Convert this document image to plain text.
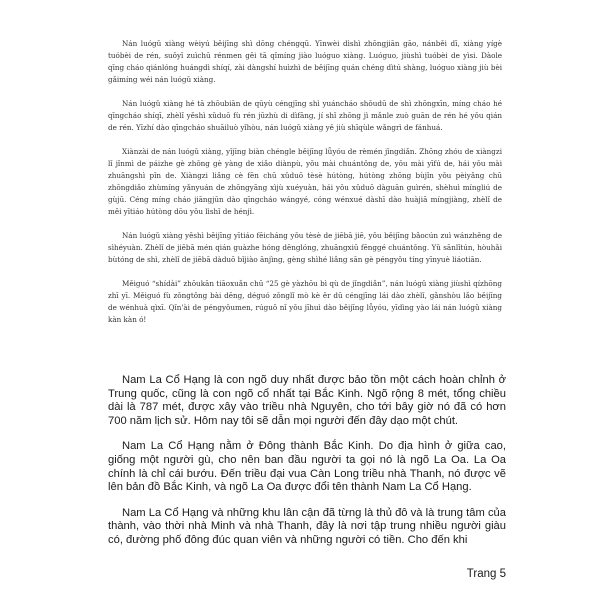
Nán luógǔ xiàng wèiyú běijīng shì dōng chéngqū. Yīnwèi dìshì zhōngjiān gāo, nánběi dī, xiàng yígè tuóbèi de rén, suǒyǐ zuìchū rénmen gěi tā qǐmíng jiào luóguo xiàng. Luóguo, jiùshì tuóbèi de yìsi. Dàole qīng cháo qiánlóng huángdì shíqí, zài dàngshí huìzhì de běijīng quán chéng dìtú shàng, luóguo xiàng jiù bèi gǎimíng wéi nán luógǔ xiàng.

Nán luógǔ xiàng hé tā zhōubiān de qūyù céngjīng shì yuáncháo shǒudū de shì zhōngxīn, míng cháo hé qīngcháo shíqī, zhèlǐ yěshì xǔduō fù rén jūzhù di dìfāng, jí shǐ zhōng jì mǎnle zuò guān de rén hé yǒu qián de rén. Yīzhí dào qīngcháo shuāiluò yǐhòu, nán luógǔ xiàng yě jiù shīqùle wǎngrì de fánhuá.

Xiànzài de nán luógǔ xiàng, yǐjīng biàn chéngle běijīng lǚyóu de rèmén jǐngdiǎn. Zhōng zhóu de xiàngzi lǐ jǐnmì de páizhe gè zhǒng gè yàng de xiǎo diànpù, yǒu mài chuántǒng de, yǒu mài yīfú de, hái yǒu mài zhuāngshì pǐn de. Xiàngzi liǎng cè fēn chū xǔduō tèsè hútòng, hútòng zhōng bùjǐn yǒu pèiyǎng chū zhōngdiǎo zhùmíng yǎnyuán de zhōngyāng xìjù xuéyuàn, hái yǒu xǔduō dàguān guìrén, shèhuì míngliú de gùjū. Céng míng cháo jiāngjūn dào qīngcháo wángyé, cóng wénxué dàshī dào huàjiā míngjiàng, zhèlǐ de měi yītiáo hútòng dōu yǒu lìshǐ de hénjì.

Nán luógǔ xiàng yěshì běijīng yītiáo fēicháng yǒu tèsè de jiēbā jiē, yǒu běijīng bǎocún zuì wánzhěng de sìhéyuàn. Zhèlǐ de jiēbā mén qián guàzhe hóng dēnglóng, zhuāngxiū fēnggé chuántǒng. Yǔ sānlǐtún, hòuhǎi bùtóng de shì, zhèlǐ de jiēbā dàduō bǐjiào ānjìng, gèng shìhé liǎng sān gè péngyǒu tíng yīnyuè liáotiān.

Měiguó “shídài” zhōukān tiāoxuǎn chū “25 gè yàzhōu bì qù de jǐngdiǎn”, nán luógǔ xiàng jiùshì qízhōng zhī yī. Měiguó fù zǒngtǒng bài dēng, déguó zǒnglǐ mò kè ěr dū céngjīng lái dào zhèlǐ, gǎnshòu lǎo běijīng de wénhuà qìxī. Qǐn'ài de péngyǒumen, rúguǒ nǐ yǒu jīhuì dào běijīng lǚyóu, yīdìng yào lái nán luógǔ xiàng kàn kàn ó!

Nam La Cổ Hạng là con ngõ duy nhất được bảo tồn một cách hoàn chỉnh ở Trung quốc, cũng là con ngõ cổ nhất tại Bắc Kinh. Ngõ rộng 8 mét, tổng chiều dài là 787 mét, được xây vào triều nhà Nguyên, cho tới bây giờ nó đã có hơn 700 năm lịch sử. Hôm nay tôi sẽ dẫn mọi người đến đây dạo một chút.

Nam La Cổ Hạng nằm ở Đông thành Bắc Kinh. Do địa hình ở giữa cao, giống một người gù, cho nên ban đầu người ta gọi nó là ngõ La Oa. La Oa chính là chỉ cái bướu. Đến triều đại vua Càn Long triều nhà Thanh, nó được vẽ lên bản đồ Bắc Kinh, và ngõ La Oa được đổi tên thành Nam La Cổ Hạng.

Nam La Cổ Hạng và những khu lân cận đã từng là thủ đô và là trung tâm của thành, vào thời nhà Minh và nhà Thanh, đây là nơi tập trung nhiều người giàu có, đường phố đông đúc quan viên và những người có tiền. Cho đến khi

Trang 5
